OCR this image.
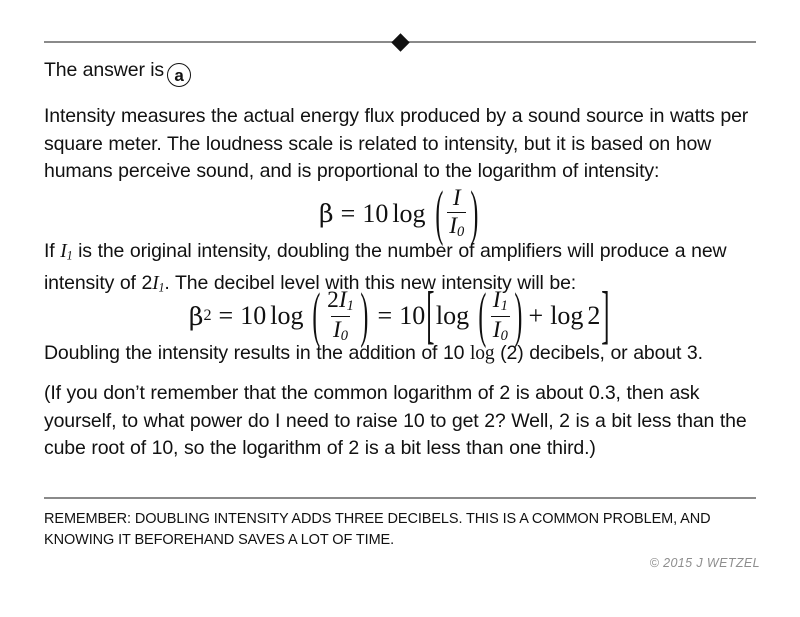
The answer is a
Intensity measures the actual energy flux produced by a sound source in watts per square meter. The loudness scale is related to intensity, but it is based on how humans perceive sound, and is proportional to the logarithm of intensity:
β = 10 log ( $\frac{I}{I_0}$ )
If $I_1$ is the original intensity, doubling the number of amplifiers will produce a new intensity of $2I_1$. The decibel level with this new intensity will be:
β 2 = 10 log ( $\frac{2I_1}{I_0}$ ) = 10 [ log ( $\frac{I_1}{I_0}$ ) + log 2 ]
Doubling the intensity results in the addition of 10 log (2) decibels, or about 3.
(If you don’t remember that the common logarithm of 2 is about 0.3, then ask yourself, to what power do I need to raise 10 to get 2? Well, 2 is a bit less than the cube root of 10, so the logarithm of 2 is a bit less than one third.)
REMEMBER: DOUBLING INTENSITY ADDS THREE DECIBELS. THIS IS A COMMON PROBLEM, AND KNOWING IT BEFOREHAND SAVES A LOT OF TIME.
© 2015 J WETZEL
